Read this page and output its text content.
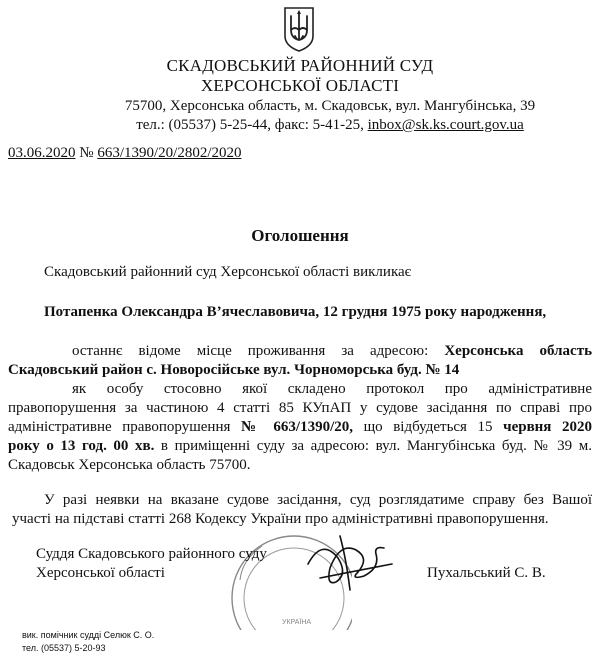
СКАДОВСЬКИЙ РАЙОННИЙ СУД
ХЕРСОНСЬКОЇ ОБЛАСТІ
75700, Херсонська область, м. Скадовськ, вул. Мангубінська, 39
тел.: (05537) 5-25-44, факс: 5-41-25, inbox@sk.ks.court.gov.ua
03.06.2020 № 663/1390/20/2802/2020
Оголошення
Скадовський районний суд Херсонської області викликає
Потапенка Олександра В’ячеславовича, 12 грудня 1975 року народження,
останнє відоме місце проживання за адресою: Херсонська область
Скадовський район с. Новоросійське вул. Чорноморська буд. № 14
як особу стосовно якої складено протокол про адміністративне
правопорушення за частиною 4 статті 85 КУпАП у судове засідання по справі про
адміністративне правопорушення № 663/1390/20, що відбудеться 15 червня 2020
року о 13 год. 00 хв. в приміщенні суду за адресою: вул. Мангубінська буд. № 39 м.
Скадовськ Херсонська область 75700.
У разі неявки на вказане судове засідання, суд розглядатиме справу без Вашої
участі на підставі статті 268 Кодексу України про адміністративні правопорушення.
УКРАЇНА
Суддя Скадовського районного суду
Херсонської області	Пухальський С. В.
вик. помічник судді Селюк С. О.
тел. (05537) 5-20-93
